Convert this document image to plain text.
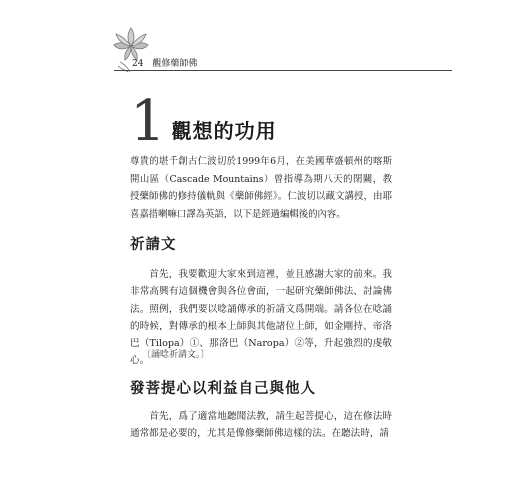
24 觀修藥師佛
1 觀想的功用

尊貴的堪千創古仁波切於1999年6月，在美國華盛頓州的喀斯開山區（Cascade Mountains）曾指導為期八天的閉關，教授藥師佛的修持儀軌與《藥師佛經》。仁波切以藏文講授，由耶喜嘉措喇嘛口譯為英語，以下是經過編輯後的內容。

祈請文

首先，我要歡迎大家來到這裡，並且感謝大家的前來。我非常高興有這個機會與各位會面，一起研究藥師佛法、討論佛法。照例，我們要以唸誦傳承的祈請文爲開端。請各位在唸誦的時候，對傳承的根本上師與其他諸位上師，如金剛持、帝洛巴（Tilopa）①、那洛巴（Naropa）②等，升起強烈的虔敬心。

〔誦唸祈請文。〕
發菩提心以利益自己與他人

首先，爲了適當地聽聞法教，請生起菩提心，這在修法時通常都是必要的，尤其是像修藥師佛這樣的法。在聽法時，請
